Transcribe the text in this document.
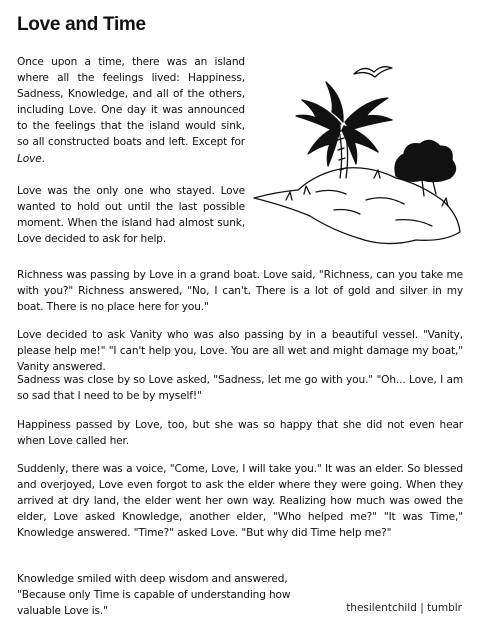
Love and Time

Once upon a time, there was an island where all the feelings lived: Happiness, Sadness, Knowledge, and all of the others, including Love. One day it was announced to the feelings that the island would sink, so all constructed boats and left. Except for Love.

Love was the only one who stayed. Love wanted to hold out until the last possible moment. When the island had almost sunk, Love decided to ask for help.

Richness was passing by Love in a grand boat. Love said, "Richness, can you take me with you?" Richness answered, "No, I can't. There is a lot of gold and silver in my boat. There is no place here for you."

Love decided to ask Vanity who was also passing by in a beautiful vessel. "Vanity, please help me!" "I can't help you, Love. You are all wet and might damage my boat," Vanity answered.

Sadness was close by so Love asked, "Sadness, let me go with you." "Oh... Love, I am so sad that I need to be by myself!"

Happiness passed by Love, too, but she was so happy that she did not even hear when Love called her.

Suddenly, there was a voice, "Come, Love, I will take you." It was an elder. So blessed and overjoyed, Love even forgot to ask the elder where they were going. When they arrived at dry land, the elder went her own way. Realizing how much was owed the elder, Love asked Knowledge, another elder, "Who helped me?" "It was Time," Knowledge answered. "Time?" asked Love. "But why did Time help me?"

Knowledge smiled with deep wisdom and answered, "Because only Time is capable of understanding how valuable Love is."	thesilentchild | tumblr
